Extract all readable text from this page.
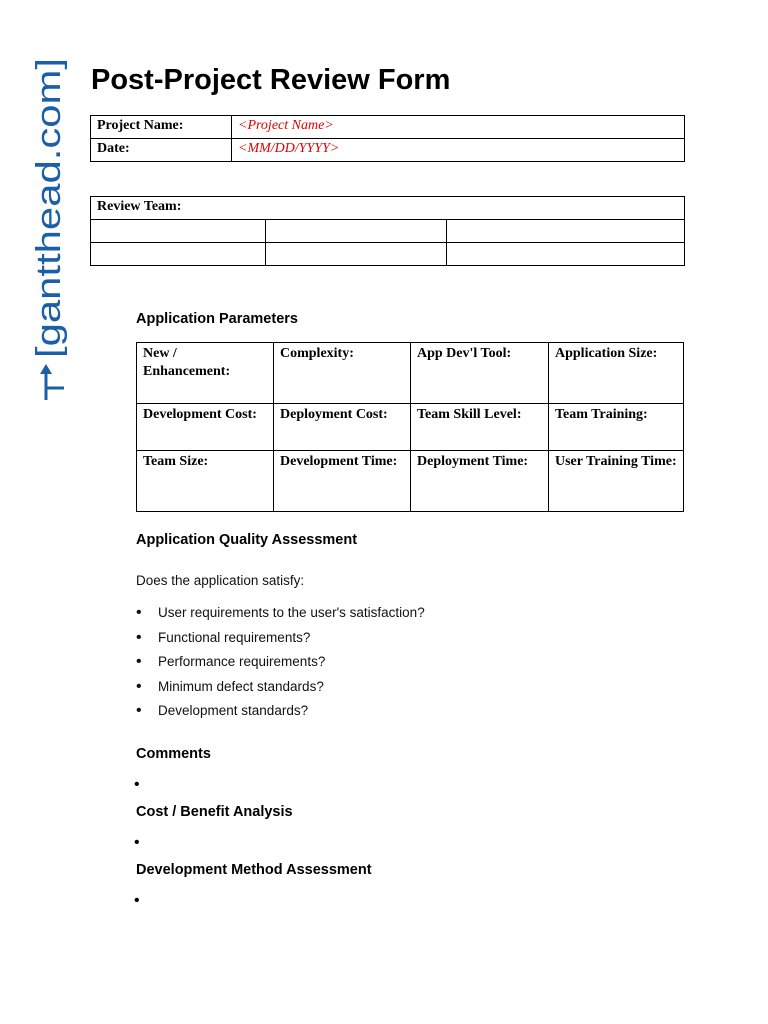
[gantthead.com]
Post-Project Review Form
Project Name:	<Project Name>
Date:	<MM/DD/YYYY>
Review Team:		

Application Parameters
New / Enhancement:	Complexity:	App Dev'l Tool:	Application Size:
Development Cost:	Deployment Cost:	Team Skill Level:	Team Training:
Team Size:	Development Time:	Deployment Time:	User Training Time:
Application Quality Assessment

Does the application satisfy:

• User requirements to the user's satisfaction?
• Functional requirements?
• Performance requirements?
• Minimum defect standards?
• Development standards?
Comments
•
Cost / Benefit Analysis
•
Development Method Assessment
•
